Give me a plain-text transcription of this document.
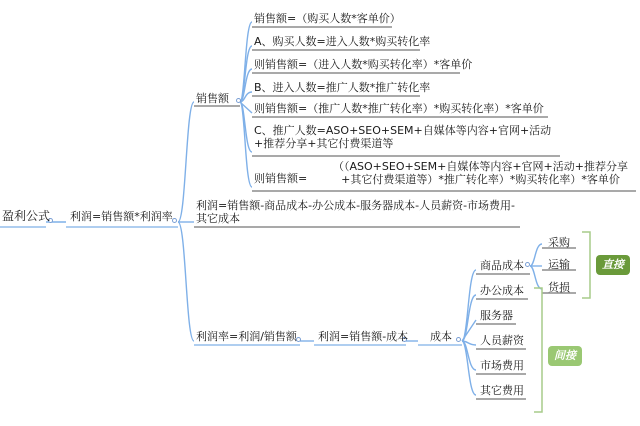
盈利公式 利润=销售额*利润率
销售额
销售额=（购买人数*客单价）
A、购买人数=进入人数*购买转化率
则销售额=（进入人数*购买转化率）*客单价
B、进入人数=推广人数*推广转化率
则销售额=（推广人数*推广转化率）*购买转化率）*客单价
C、推广人数=ASO+SEO+SEM+自媒体等内容+官网+活动+推荐分享+其它付费渠道等
则销售额=
（（ASO+SEO+SEM+自媒体等内容+官网+活动+推荐分享+其它付费渠道等）*推广转化率）*购买转化率）*客单价
利润=销售额-商品成本-办公成本-服务器成本-人员薪资-市场费用-其它成本
利润率=利润/销售额 利润=销售额-成本 成本
商品成本
采购
运输
货损
直接
办公成本
服务器
人员薪资
市场费用
其它费用
间接
